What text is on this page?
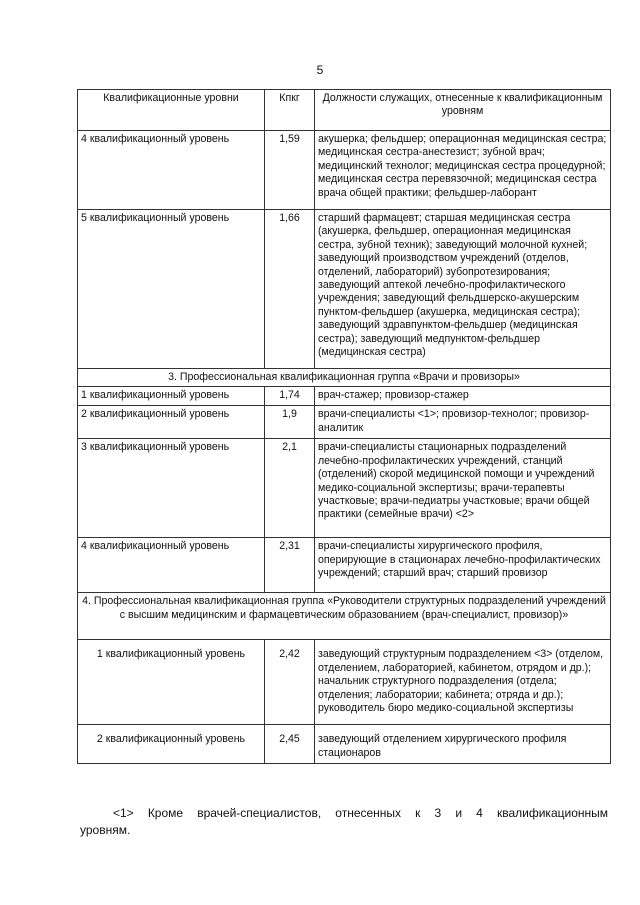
5
Квалификационные уровни	Кпкг	Должности служащих, отнесенные к квалификационным уровням
4 квалификационный уровень	1,59	акушерка; фельдшер; операционная медицинская сестра; медицинская сестра-анестезист; зубной врач; медицинский технолог; медицинская сестра процедурной; медицинская сестра перевязочной; медицинская сестра врача общей практики; фельдшер-лаборант
5 квалификационный уровень	1,66	старший фармацевт; старшая медицинская сестра (акушерка, фельдшер, операционная медицинская сестра, зубной техник); заведующий молочной кухней; заведующий производством учреждений (отделов, отделений, лабораторий) зубопротезирования; заведующий аптекой лечебно-профилактического учреждения; заведующий фельдшерско-акушерским пунктом-фельдшер (акушерка, медицинская сестра); заведующий здравпунктом-фельдшер (медицинская сестра); заведующий медпунктом-фельдшер (медицинская сестра)
3. Профессиональная квалификационная группа «Врачи и провизоры»		
1 квалификационный уровень	1,74	врач-стажер; провизор-стажер
2 квалификационный уровень	1,9	врачи-специалисты <1>; провизор-технолог; провизор-аналитик
3 квалификационный уровень	2,1	врачи-специалисты стационарных подразделений лечебно-профилактических учреждений, станций (отделений) скорой медицинской помощи и учреждений медико-социальной экспертизы; врачи-терапевты участковые; врачи-педиатры участковые; врачи общей практики (семейные врачи) <2>
4 квалификационный уровень	2,31	врачи-специалисты хирургического профиля, оперирующие в стационарах лечебно-профилактических учреждений; старший врач; старший провизор
4. Профессиональная квалификационная группа «Руководители структурных подразделений учреждений с высшим медицинским и фармацевтическим образованием (врач-специалист, провизор)»		
1 квалификационный уровень	2,42	заведующий структурным подразделением <3> (отделом, отделением, лабораторией, кабинетом, отрядом и др.);
начальник структурного подразделения (отдела; отделения; лаборатории; кабинета; отряда и др.); руководитель бюро медико-социальной экспертизы

2 квалификационный уровень	2,45	заведующий отделением хирургического профиля стационаров
<1> Кроме врачей-специалистов, отнесенных к 3 и 4 квалификационным уровням.
